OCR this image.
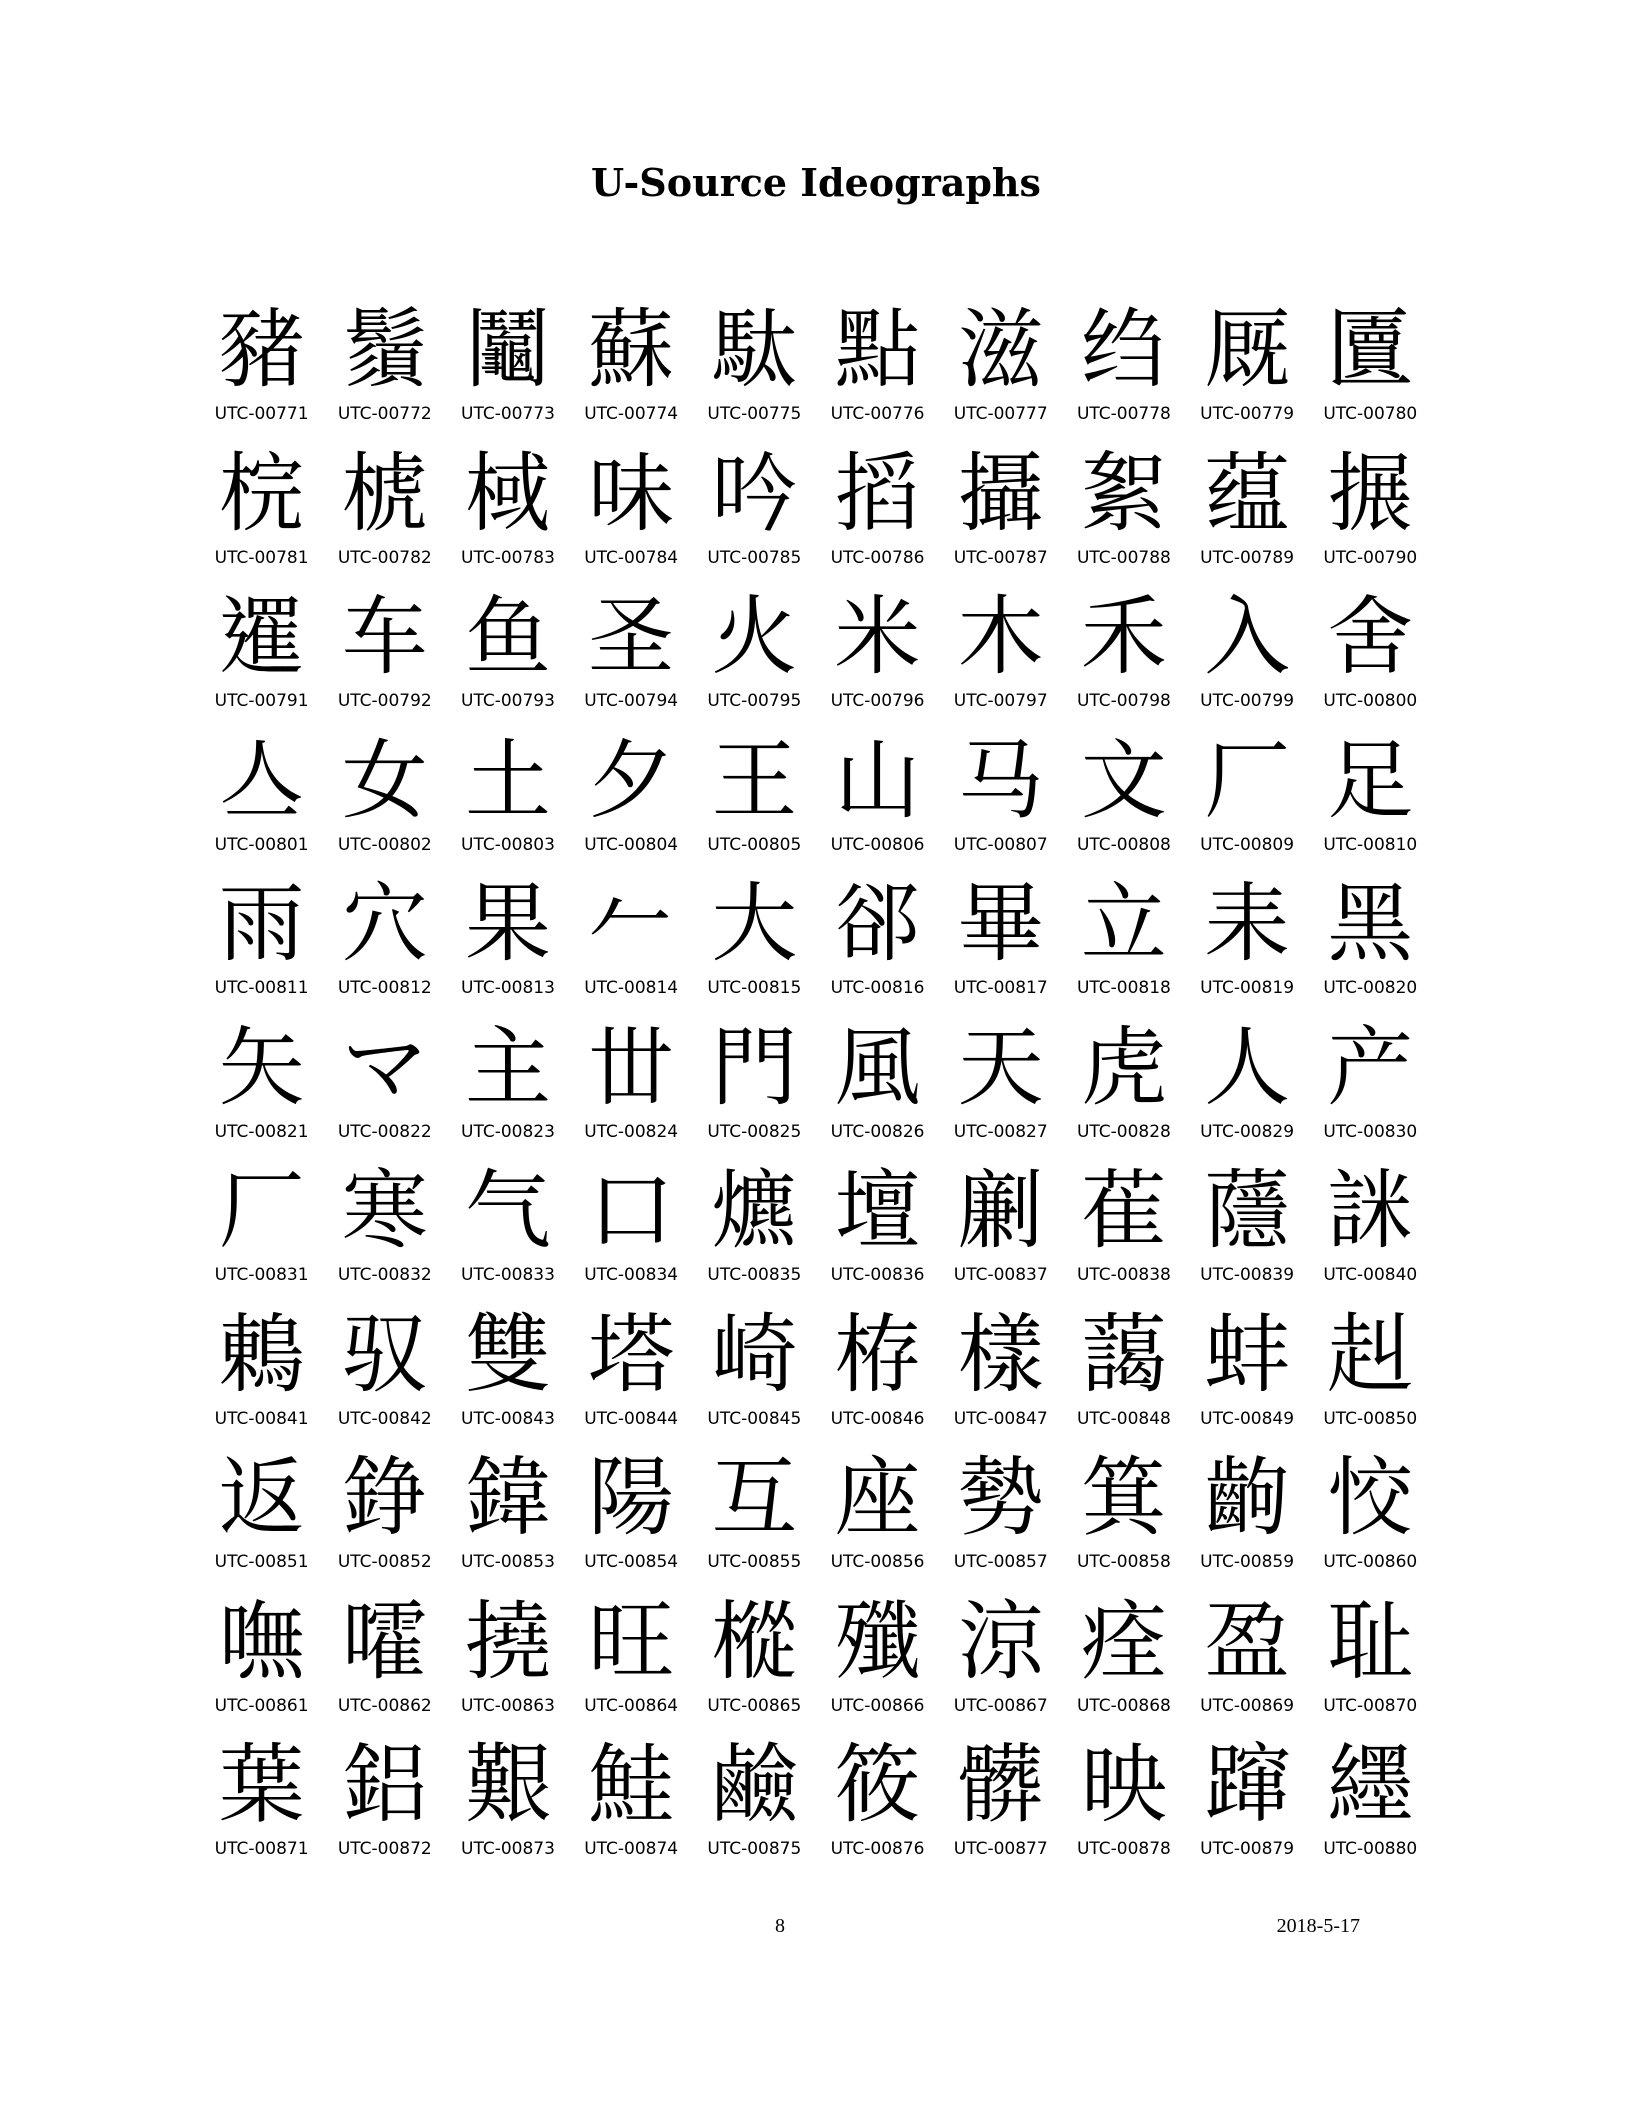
U-Source Ideographs
豬
UTC-00771
鬚
UTC-00772
鬮
UTC-00773
蘇
UTC-00774
駄
UTC-00775
點
UTC-00776
滋
UTC-00777
绉
UTC-00778
厩
UTC-00779
匵
UTC-00780
梡
UTC-00781
椃
UTC-00782
棫
UTC-00783
味
UTC-00784
吟
UTC-00785
搯
UTC-00786
攝
UTC-00787
絮
UTC-00788
蕴
UTC-00789
搌
UTC-00790
𨗴
UTC-00791
车
UTC-00792
鱼
UTC-00793
圣
UTC-00794
火
UTC-00795
米
UTC-00796
木
UTC-00797
禾
UTC-00798
入
UTC-00799
舍
UTC-00800
亼
UTC-00801
女
UTC-00802
土
UTC-00803
夕
UTC-00804
王
UTC-00805
山
UTC-00806
马
UTC-00807
文
UTC-00808
厂
UTC-00809
足
UTC-00810
雨
UTC-00811
穴
UTC-00812
果
UTC-00813
𠂉
UTC-00814
大
UTC-00815
郤
UTC-00816
畢
UTC-00817
立
UTC-00818
耒
UTC-00819
黑
UTC-00820
矢
UTC-00821
マ
UTC-00822
主
UTC-00823
丗
UTC-00824
門
UTC-00825
風
UTC-00826
天
UTC-00827
虎
UTC-00828
人
UTC-00829
产
UTC-00830
厂
UTC-00831
寒
UTC-00832
气
UTC-00833
口
UTC-00834
爊
UTC-00835
壇
UTC-00836
劆
UTC-00837
萑
UTC-00838
蘟
UTC-00839
詸
UTC-00840
鶇
UTC-00841
驭
UTC-00842
雙
UTC-00843
塔
UTC-00844
崎
UTC-00845
栫
UTC-00846
樣
UTC-00847
藹
UTC-00848
蚌
UTC-00849
赳
UTC-00850
返
UTC-00851
錚
UTC-00852
鍏
UTC-00853
陽
UTC-00854
互
UTC-00855
座
UTC-00856
勢
UTC-00857
箕
UTC-00858
齣
UTC-00859
恔
UTC-00860
嘸
UTC-00861
嚯
UTC-00862
撓
UTC-00863
旺
UTC-00864
樅
UTC-00865
殲
UTC-00866
涼
UTC-00867
痊
UTC-00868
盈
UTC-00869
耻
UTC-00870
葉
UTC-00871
鋁
UTC-00872
艱
UTC-00873
鮭
UTC-00874
鹼
UTC-00875
筱
UTC-00876
髒
UTC-00877
映
UTC-00878
蹿
UTC-00879
纆
UTC-00880
8	2018-5-17
